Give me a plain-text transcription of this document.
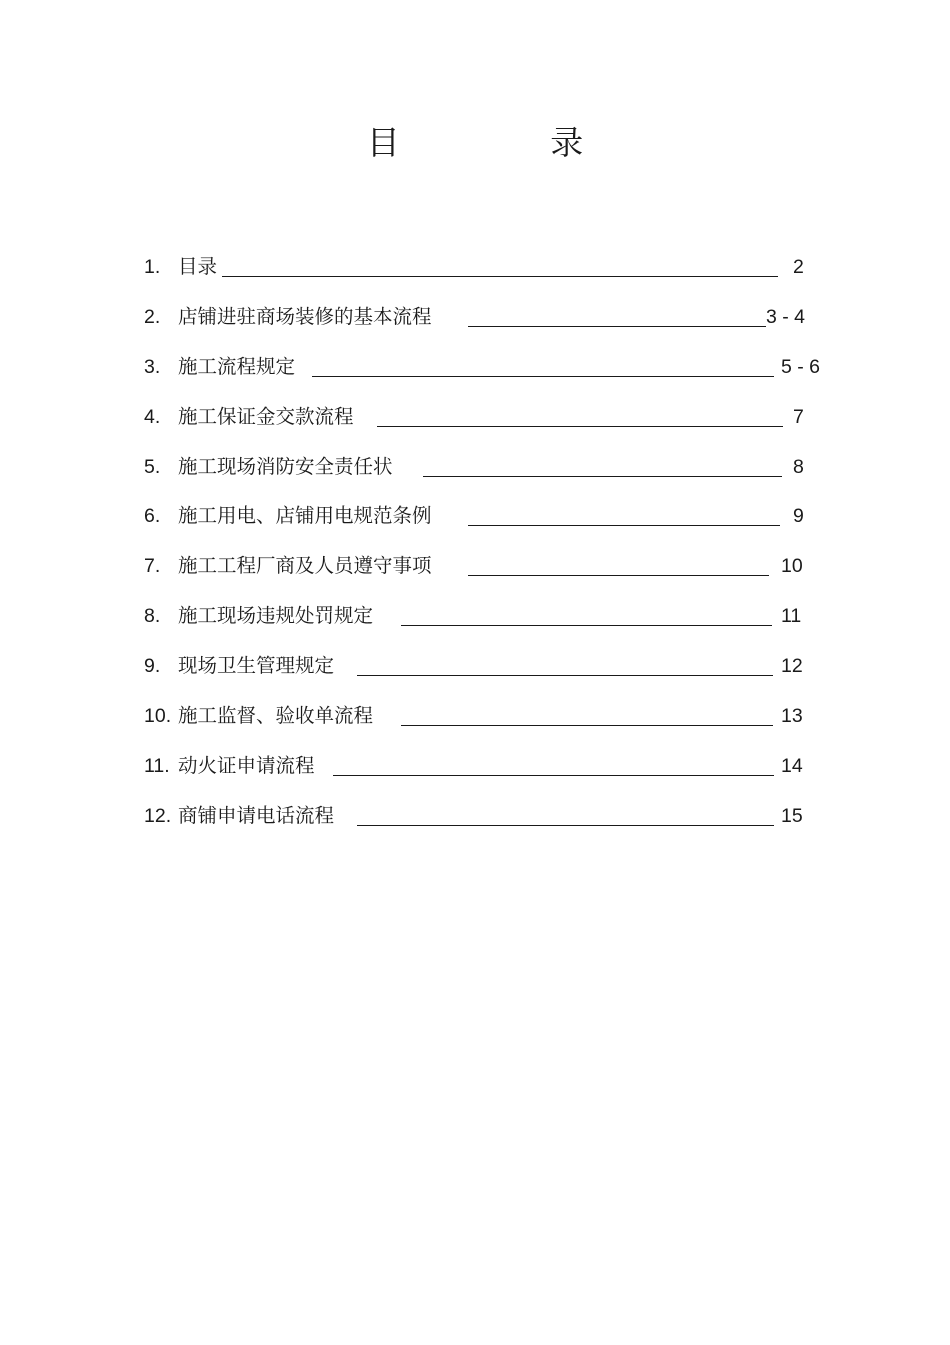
目 录
1. 目录	2
2. 店铺进驻商场装修的基本流程	3 - 4
3. 施工流程规定	5 - 6
4. 施工保证金交款流程	7
5. 施工现场消防安全责任状	8
6. 施工用电、店铺用电规范条例	9
7. 施工工程厂商及人员遵守事项	10
8. 施工现场违规处罚规定	11
9. 现场卫生管理规定	12
10. 施工监督、验收单流程	13
11. 动火证申请流程	14
12. 商铺申请电话流程	15
